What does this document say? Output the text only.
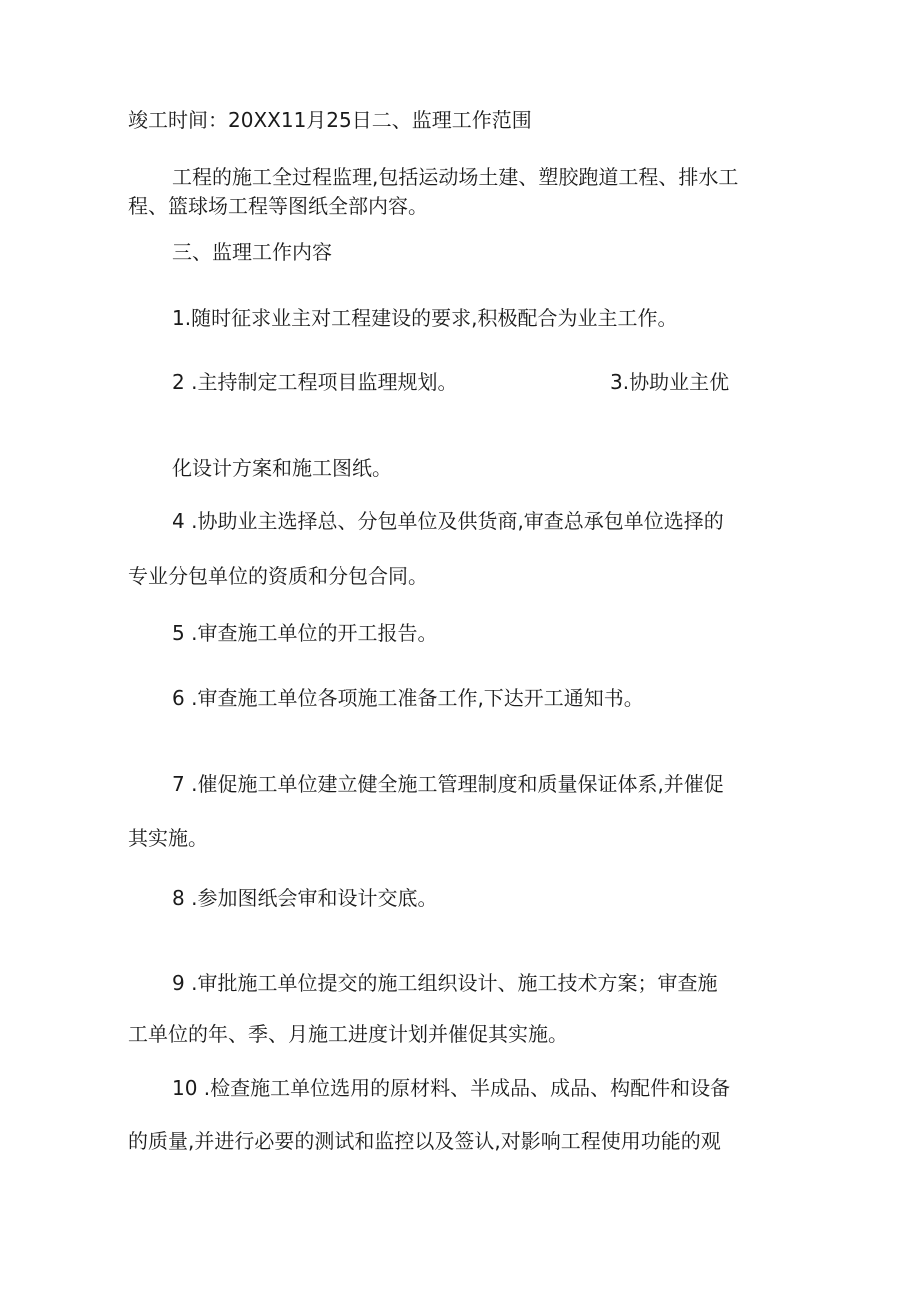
竣工时间：20XX11月25日二、监理工作范围
工程的施工全过程监理,包括运动场土建、塑胶跑道工程、排水工
程、篮球场工程等图纸全部内容。
三、监理工作内容
1.随时征求业主对工程建设的要求,积极配合为业主工作。
2 .主持制定工程项目监理规划。	3.协助业主优
化设计方案和施工图纸。
4 .协助业主选择总、分包单位及供货商,审查总承包单位选择的
专业分包单位的资质和分包合同。
5 .审查施工单位的开工报告。
6 .审查施工单位各项施工准备工作,下达开工通知书。
7 .催促施工单位建立健全施工管理制度和质量保证体系,并催促
其实施。
8 .参加图纸会审和设计交底。
9 .审批施工单位提交的施工组织设计、施工技术方案；审查施
工单位的年、季、月施工进度计划并催促其实施。
10 .检查施工单位选用的原材料、半成品、成品、构配件和设备
的质量,并进行必要的测试和监控以及签认,对影响工程使用功能的观
